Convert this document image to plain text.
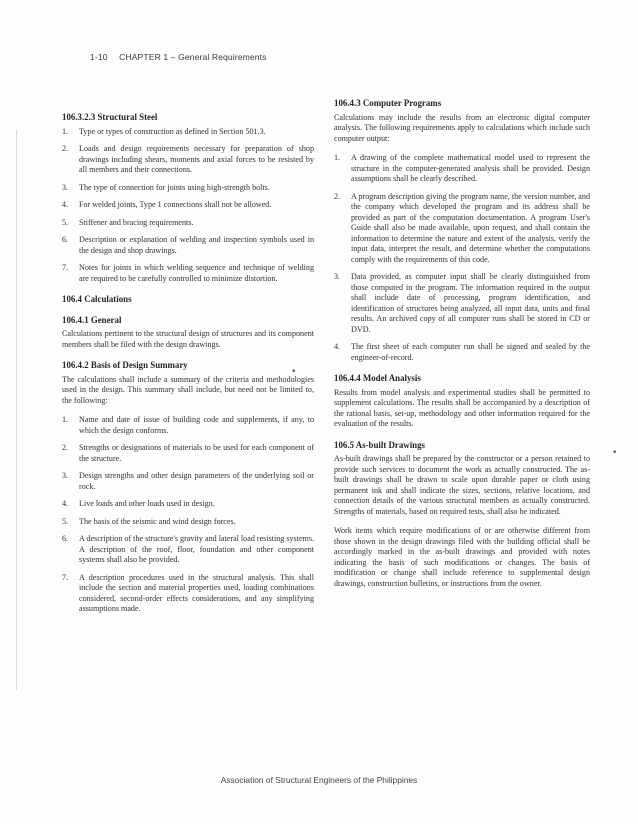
1-10 CHAPTER 1 – General Requirements
106.3.2.3 Structural Steel
1.	Type or types of construction as defined in Section 501.3.
2.	Loads and design requirements necessary for preparation of shop drawings including shears, moments and axial forces to be resisted by all members and their connections.
3.	The type of connection for joints using high-strength bolts.
4.	For welded joints, Type 1 connections shall not be allowed.
5.	Stiffener and bracing requirements.
6.	Description or explanation of welding and inspection symbols used in the design and shop drawings.
7.	Notes for joints in which welding sequence and technique of welding are required to be carefully controlled to minimize distortion.
106.4 Calculations
106.4.1 General

Calculations pertinent to the structural design of structures and its component members shall be filed with the design drawings.

106.4.2 Basis of Design Summary

The calculations shall include a summary of the criteria and methodologies used in the design. This summary shall include, but need not be limited to, the following:

1.	Name and date of issue of building code and supplements, if any, to which the design conforms.
2.	Strengths or designations of materials to be used for each component of the structure.
3.	Design strengths and other design parameters of the underlying soil or rock.
4.	Live loads and other loads used in design.
5.	The basis of the seismic and wind design forces.
6.	A description of the structure's gravity and lateral load resisting systems. A description of the roof, floor, foundation and other component systems shall also be provided.
7.	A description procedures used in the structural analysis. This shall include the section and material properties used, loading combinations considered, second-order effects considerations, and any simplifying assumptions made.
106.4.3 Computer Programs

Calculations may include the results from an electronic digital computer analysis. The following requirements apply to calculations which include such computer output:

1.	A drawing of the complete mathematical model used to represent the structure in the computer-generated analysis shall be provided. Design assumptions shall be clearly described.
2.	A program description giving the program name, the version number, and the company which developed the program and its address shall be provided as part of the computation documentation. A program User's Guide shall also be made available, upon request, and shall contain the information to determine the nature and extent of the analysis, verify the input data, interpret the result, and determine whether the computations comply with the requirements of this code.
3.	Data provided, as computer input shall be clearly distinguished from those computed in the program. The information required in the output shall include date of processing, program identification, and identification of structures being analyzed, all input data, units and final results. An archived copy of all computer runs shall be stored in CD or DVD.
4.	The first sheet of each computer run shall be signed and sealed by the engineer-of-record.
106.4.4 Model Analysis

Results from model analysis and experimental studies shall be permitted to supplement calculations. The results shall be accompanied by a description of the rational basis, set-up, methodology and other information required for the evaluation of the results.

106.5 As-built Drawings

As-built drawings shall be prepared by the constructor or a person retained to provide such services to document the work as actually constructed. The as-built drawings shall be drawn to scale upon durable paper or cloth using permanent ink and shall indicate the sizes, sections, relative locations, and connection details of the various structural members as actually constructed. Strengths of materials, based on required tests, shall also be indicated.

Work items which require modifications of or are otherwise different from those shown in the design drawings filed with the building official shall be accordingly marked in the as-built drawings and provided with notes indicating the basis of such modifications or changes. The basis of modification or change shall include reference to supplemental design drawings, construction bulletins, or instructions from the owner.

•
•
Association of Structural Engineers of the Philippines
